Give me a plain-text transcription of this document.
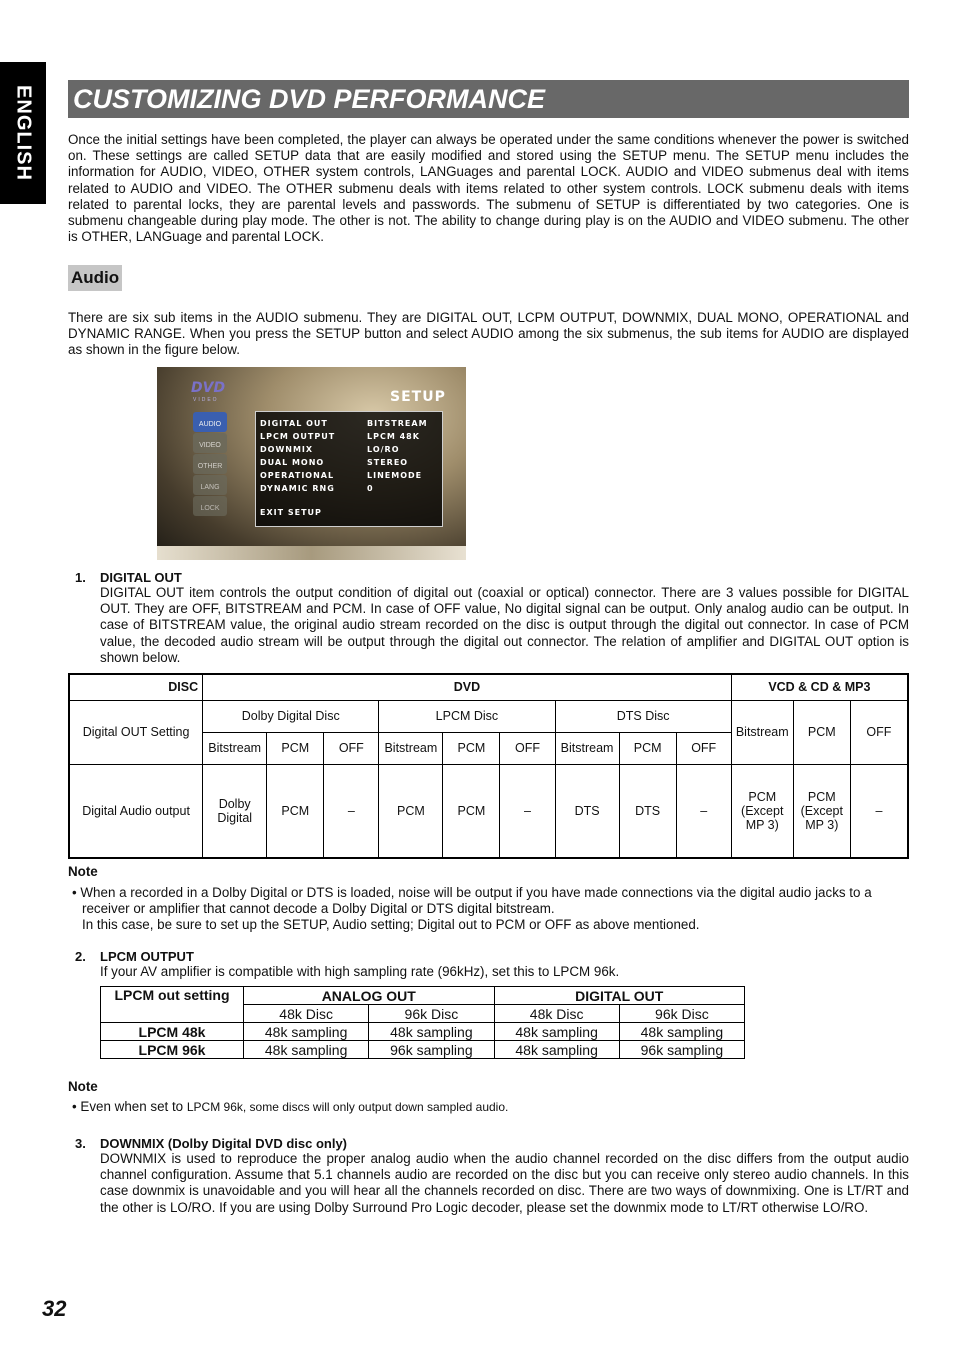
ENGLISH CUSTOMIZING DVD PERFORMANCE

Once the initial settings have been completed, the player can always be operated under the same conditions whenever the power is switched on. These settings are called SETUP data that are easily modified and stored using the SETUP menu. The SETUP menu includes the information for AUDIO, VIDEO, OTHER system controls, LANGuages and parental LOCK. AUDIO and VIDEO submenus deal with items related to AUDIO and VIDEO. The OTHER submenu deals with items related to other system controls. LOCK submenu deals with items related to parental locks, they are parental levels and passwords. The submenu of SETUP is differentiated by two categories. One is submenu changeable during play mode. The other is not. The ability to change during play is on the AUDIO and VIDEO submenu. The other is OTHER, LANGuage and parental LOCK.

Audio

There are six sub items in the AUDIO submenu. They are DIGITAL OUT, LCPM OUTPUT, DOWNMIX, DUAL MONO, OPERATIONAL and DYNAMIC RANGE. When you press the SETUP button and select AUDIO among the six submenus, the sub items for AUDIO are displayed as shown in the figure below.

DVD
VIDEO	SETUP
AUDIO
VIDEO
OTHER
LANG
LOCK
DIGITAL OUT	BITSTREAM
LPCM OUTPUT	LPCM 48K
DOWNMIX	LO/RO
DUAL MONO	STEREO
OPERATIONAL	LINEMODE
DYNAMIC RNG	0
EXIT SETUP
1. DIGITAL OUT

DIGITAL OUT item controls the output condition of digital out (coaxial or optical) connector. There are 3 values possible for DIGITAL OUT. They are OFF, BITSTREAM and PCM. In case of OFF value, No digital signal can be output. Only analog audio can be output. In case of BITSTREAM value, the original audio stream recorded on the disc is output through the digital out connector. In case of PCM value, the decoded audio stream will be output through the digital out connector. The relation of amplifier and DIGITAL OUT option is shown below.

DISC	DVD									VCD & CD & MP3		
Digital OUT Setting	Dolby Digital Disc			LPCM Disc			DTS Disc			Bitstream	PCM	OFF
	Bitstream	PCM	OFF	Bitstream	PCM	OFF	Bitstream	PCM	OFF			
Digital Audio output	Dolby Digital	PCM	–	PCM	PCM	–	DTS	DTS	–	PCM (Except MP 3)	PCM (Except MP 3)	–
Note
• When a recorded in a Dolby Digital or DTS is loaded, noise will be output if you have made connections via the digital audio jacks to a receiver or amplifier that cannot decode a Dolby Digital or DTS digital bitstream.
In this case, be sure to set up the SETUP, Audio setting; Digital out to PCM or OFF as above mentioned.
2. LPCM OUTPUT

If your AV amplifier is compatible with high sampling rate (96kHz), set this to LPCM 96k.

LPCM out setting	ANALOG OUT		DIGITAL OUT	
	48k Disc	96k Disc	48k Disc	96k Disc
LPCM 48k	48k sampling	48k sampling	48k sampling	48k sampling
LPCM 96k	48k sampling	96k sampling	48k sampling	96k sampling
Note
• Even when set to LPCM 96k, some discs will only output down sampled audio.
3. DOWNMIX (Dolby Digital DVD disc only)

DOWNMIX is used to reproduce the proper analog audio when the audio channel recorded on the disc differs from the output audio channel configuration. Assume that 5.1 channels audio are recorded on the disc but you can receive only stereo audio channels. In this case downmix is unavoidable and you will hear all the channels recorded on disc. There are two ways of downmixing. One is LT/RT and the other is LO/RO. If you are using Dolby Surround Pro Logic decoder, please set the downmix mode to LT/RT otherwise LO/RO.

32
